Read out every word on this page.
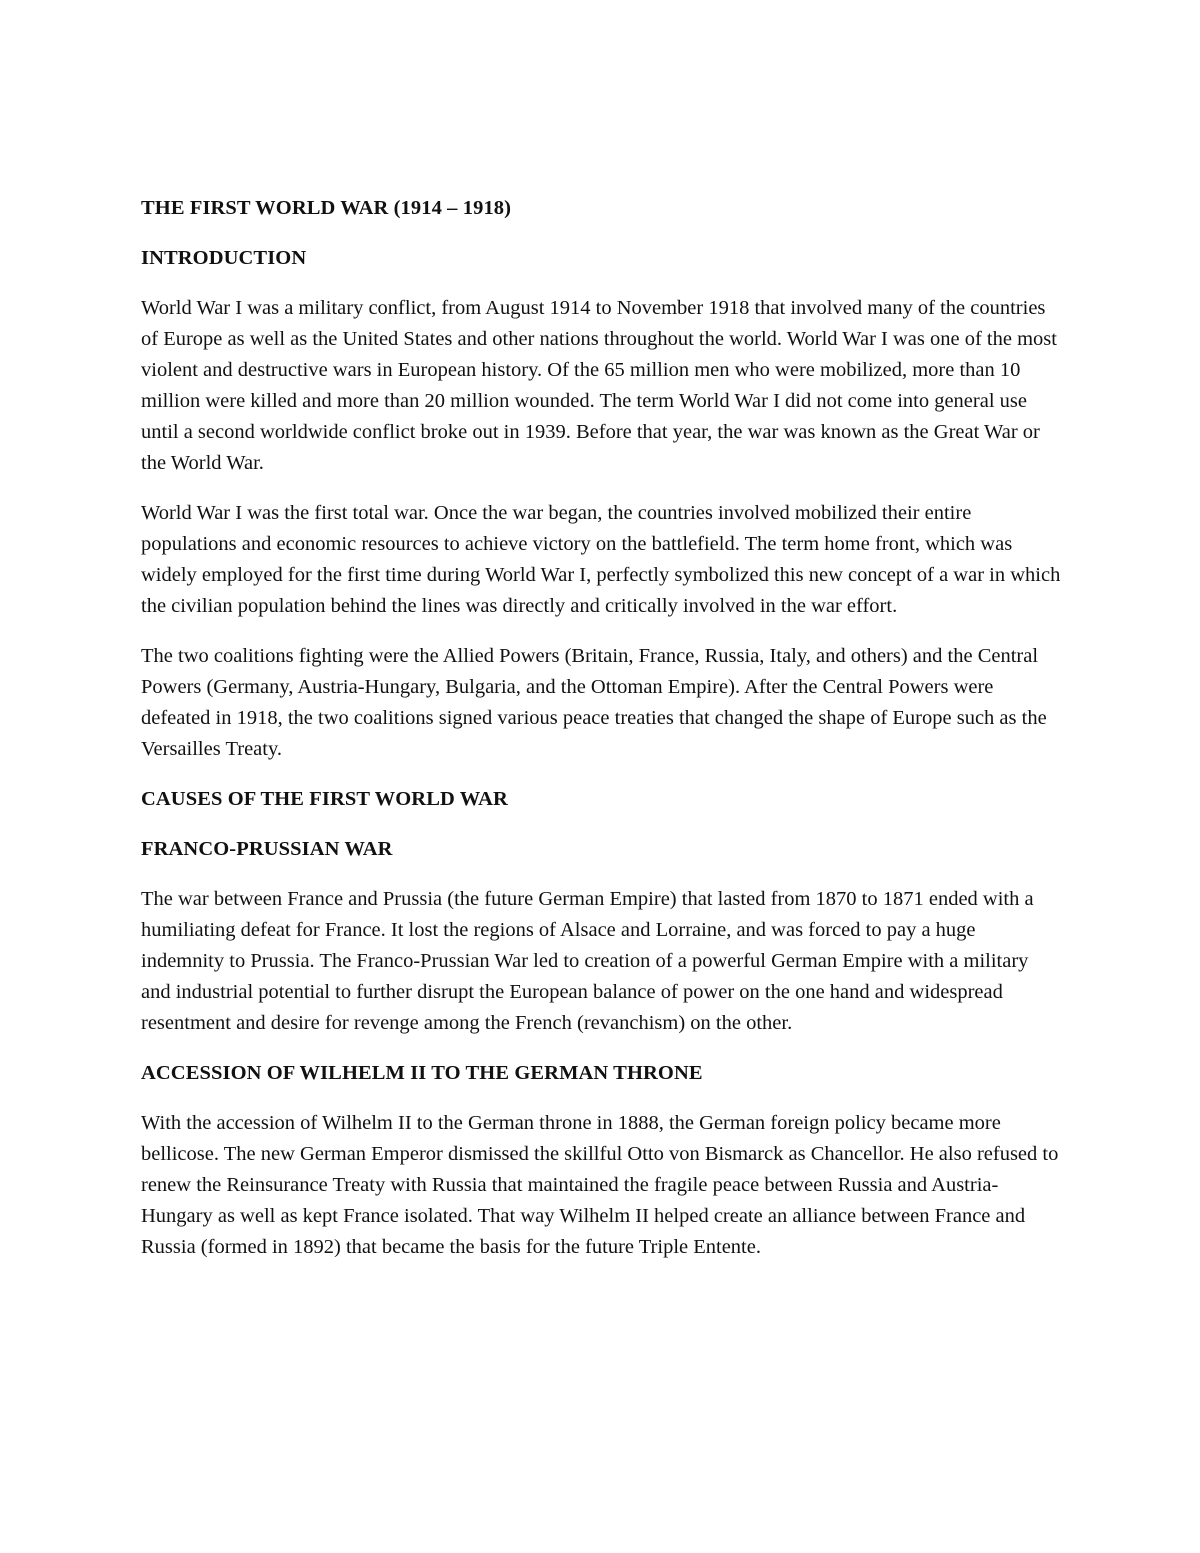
THE FIRST WORLD WAR (1914 – 1918)
INTRODUCTION

World War I was a military conflict, from August 1914 to November 1918 that involved many of the countries of Europe as well as the United States and other nations throughout the world. World War I was one of the most violent and destructive wars in European history. Of the 65 million men who were mobilized, more than 10 million were killed and more than 20 million wounded. The term World War I did not come into general use until a second worldwide conflict broke out in 1939. Before that year, the war was known as the Great War or the World War.

World War I was the first total war. Once the war began, the countries involved mobilized their entire populations and economic resources to achieve victory on the battlefield. The term home front, which was widely employed for the first time during World War I, perfectly symbolized this new concept of a war in which the civilian population behind the lines was directly and critically involved in the war effort.

The two coalitions fighting were the Allied Powers (Britain, France, Russia, Italy, and others) and the Central Powers (Germany, Austria-Hungary, Bulgaria, and the Ottoman Empire). After the Central Powers were defeated in 1918, the two coalitions signed various peace treaties that changed the shape of Europe such as the Versailles Treaty.

CAUSES OF THE FIRST WORLD WAR
FRANCO-PRUSSIAN WAR

The war between France and Prussia (the future German Empire) that lasted from 1870 to 1871 ended with a humiliating defeat for France. It lost the regions of Alsace and Lorraine, and was forced to pay a huge indemnity to Prussia. The Franco-Prussian War led to creation of a powerful German Empire with a military and industrial potential to further disrupt the European balance of power on the one hand and widespread resentment and desire for revenge among the French (revanchism) on the other.

ACCESSION OF WILHELM II TO THE GERMAN THRONE

With the accession of Wilhelm II to the German throne in 1888, the German foreign policy became more bellicose. The new German Emperor dismissed the skillful Otto von Bismarck as Chancellor. He also refused to renew the Reinsurance Treaty with Russia that maintained the fragile peace between Russia and Austria-Hungary as well as kept France isolated. That way Wilhelm II helped create an alliance between France and Russia (formed in 1892) that became the basis for the future Triple Entente.
